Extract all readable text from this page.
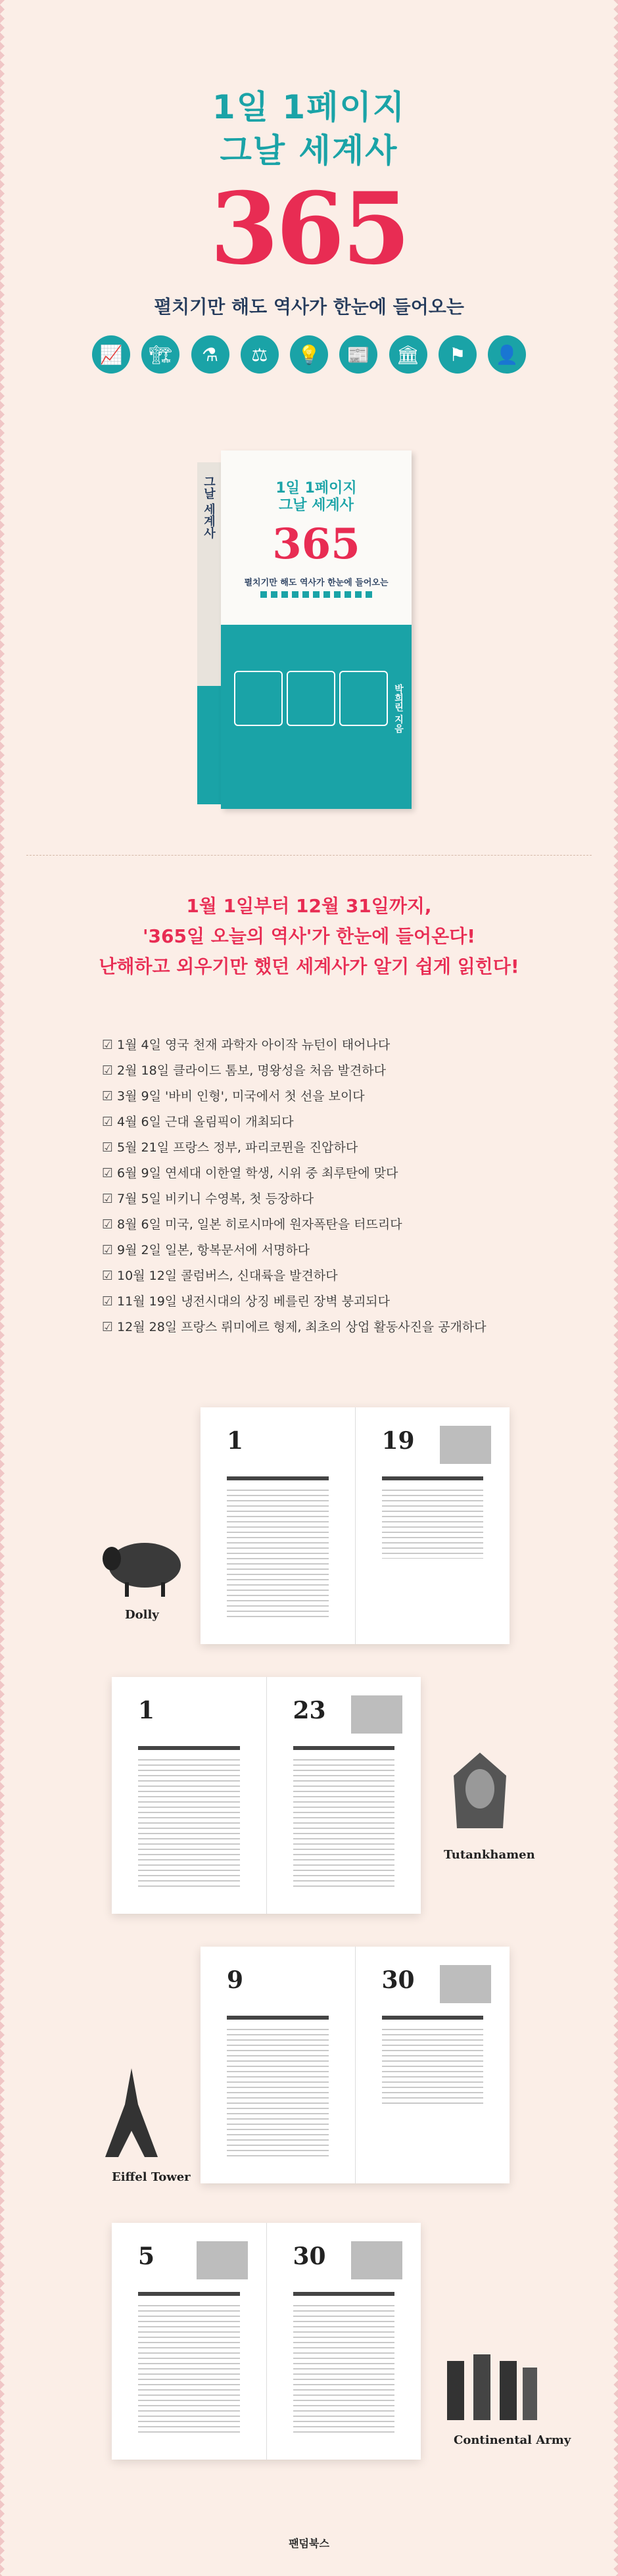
1일 1페이지
그날 세계사
365
펼치기만 해도 역사가 한눈에 들어오는
📈	🏗	⚗	⚖	💡	📰	🏛	⚑	👤
그날 세계사	1일 1페이지
그날 세계사
365
펼치기만 해도 역사가 한눈에 들어오는
박희린 지음
1월 1일부터 12월 31일까지,
'365일 오늘의 역사'가 한눈에 들어온다!
난해하고 외우기만 했던 세계사가 알기 쉽게 읽힌다!
☑ 1월 4일 영국 천재 과학자 아이작 뉴턴이 태어나다
☑ 2월 18일 클라이드 톰보, 명왕성을 처음 발견하다
☑ 3월 9일 '바비 인형', 미국에서 첫 선을 보이다
☑ 4월 6일 근대 올림픽이 개최되다
☑ 5월 21일 프랑스 정부, 파리코뮌을 진압하다
☑ 6월 9일 연세대 이한열 학생, 시위 중 최루탄에 맞다
☑ 7월 5일 비키니 수영복, 첫 등장하다
☑ 8월 6일 미국, 일본 히로시마에 원자폭탄을 터뜨리다
☑ 9월 2일 일본, 항복문서에 서명하다
☑ 10월 12일 콜럼버스, 신대륙을 발견하다
☑ 11월 19일 냉전시대의 상징 베를린 장벽 붕괴되다
☑ 12월 28일 프랑스 뤼미에르 형제, 최초의 상업 활동사진을 공개하다
1	19
Dolly
1	23
Tutankhamen
9	30
Eiffel Tower
5	30
Continental Army
팬덤북스
